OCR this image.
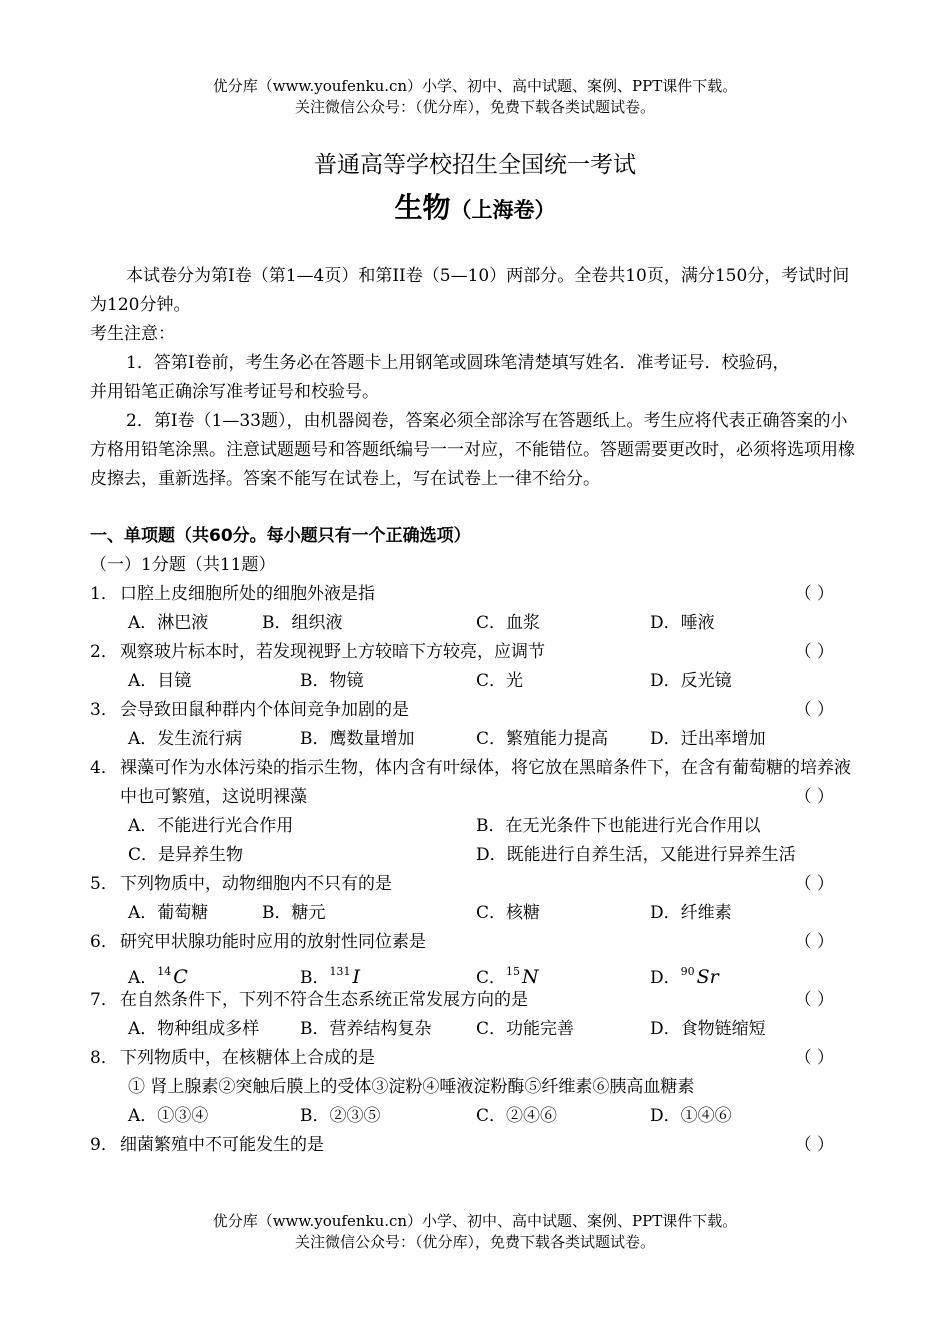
优分库（www.youfenku.cn）小学、初中、高中试题、案例、PPT课件下载。
关注微信公众号：（优分库），免费下载各类试题试卷。
普通高等学校招生全国统一考试
生物（上海卷）

本试卷分为第I卷（第1—4页）和第II卷（5—10）两部分。全卷共10页，满分150分，考试时间为120分钟。

考生注意：

1．答第I卷前，考生务必在答题卡上用钢笔或圆珠笔清楚填写姓名．准考证号．校验码，

并用铅笔正确涂写准考证号和校验号。

2．第I卷（1—33题），由机器阅卷，答案必须全部涂写在答题纸上。考生应将代表正确答案的小方格用铅笔涂黑。注意试题题号和答题纸编号一一对应，不能错位。答题需要更改时，必须将选项用橡皮擦去，重新选择。答案不能写在试卷上，写在试卷上一律不给分。

一、单项题（共60分。每小题只有一个正确选项）

（一）1分题（共11题）

1． 口腔上皮细胞所处的细胞外液是指	（ ）
A．淋巴液	B．组织液	C．血浆	D．唾液
2． 观察玻片标本时，若发现视野上方较暗下方较亮，应调节	（ ）
A．目镜	B．物镜	C．光	D．反光镜
3． 会导致田鼠种群内个体间竞争加剧的是	（ ）
A．发生流行病	B．鹰数量增加	C．繁殖能力提高 D．迁出率增加
4． 裸藻可作为水体污染的指示生物，体内含有叶绿体，将它放在黑暗条件下，在含有葡萄糖的培养液中也可繁殖，这说明裸藻	（ ）
A．不能进行光合作用	B．在无光条件下也能进行光合作用以
C．是异养生物	D．既能进行自养生活，又能进行异养生活
5． 下列物质中，动物细胞内不只有的是	（ ）
A．葡萄糖	B．糖元	C．核糖	D．纤维素
6． 研究甲状腺功能时应用的放射性同位素是	（ ）
A．$^{14}$ C	B．$^{131}$ I	C．$^{15}$ N	D．$^{90}$ Sr
7． 在自然条件下，下列不符合生态系统正常发展方向的是	（ ）
A．物种组成多样 B．营养结构复杂	C．功能完善	D．食物链缩短
8． 下列物质中，在核糖体上合成的是	（ ）
① 肾上腺素②突触后膜上的受体③淀粉④唾液淀粉酶⑤纤维素⑥胰高血糖素
A．①③④	B．②③⑤	C．②④⑥	D．①④⑥
9． 细菌繁殖中不可能发生的是	（ ）
优分库（www.youfenku.cn）小学、初中、高中试题、案例、PPT课件下载。
关注微信公众号：（优分库），免费下载各类试题试卷。
